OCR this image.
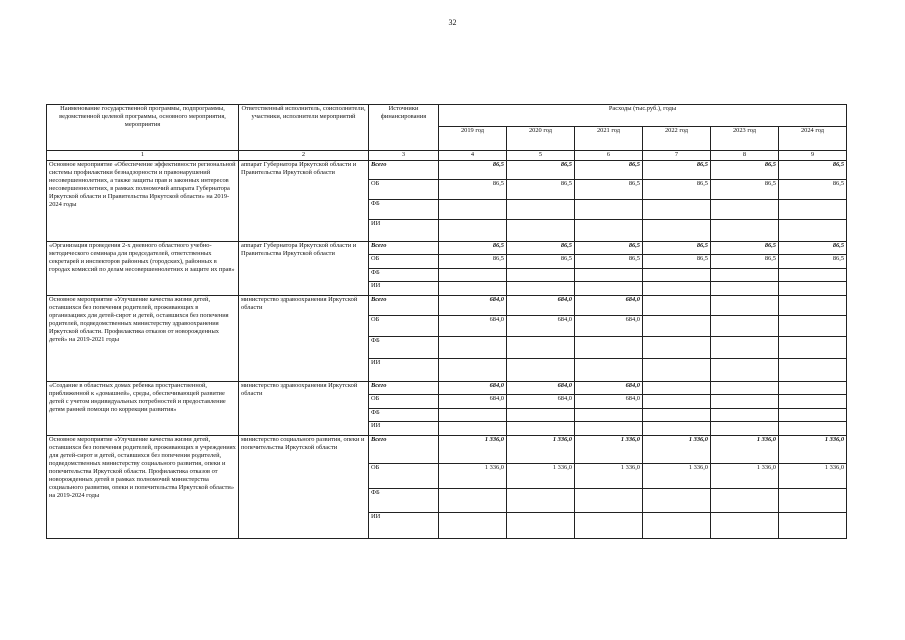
32
Наименование государственной программы, подпрограммы, ведомственной целевой программы, основного мероприятия, мероприятия	Ответственный исполнитель, соисполнители, участники, исполнители мероприятий	Источники финансирования	Расходы (тыс.руб.), годы					
			2019 год	2020 год	2021 год	2022 год	2023 год	2024 год
1	2	3	4	5	6	7	8	9
Основное мероприятие «Обеспечение эффективности региональной системы профилактики безнадзорности и правонарушений несовершеннолетних, а также защиты прав и законных интересов несовершеннолетних, в рамках полномочий аппарата Губернатора Иркутской области и Правительства Иркутской области» на 2019-2024 годы	аппарат Губернатора Иркутской области и Правительства Иркутской области	Всего	86,5	86,5	86,5	86,5	86,5	86,5
		ОБ	86,5	86,5	86,5	86,5	86,5	86,5
		ФБ						
		ИИ						
«Организация проведения 2-х дневного областного учебно-методического семинара для председателей, ответственных секретарей и инспекторов районных (городских), районных в городах комиссий по делам несовершеннолетних и защите их прав»	аппарат Губернатора Иркутской области и Правительства Иркутской области	Всего	86,5	86,5	86,5	86,5	86,5	86,5
		ОБ	86,5	86,5	86,5	86,5	86,5	86,5
		ФБ						
		ИИ						
Основное мероприятие «Улучшение качества жизни детей, оставшихся без попечения родителей, проживающих в организациях для детей-сирот и детей, оставшихся без попечения родителей, подведомственных министерству здравоохранения Иркутской области. Профилактика отказов от новорожденных детей» на 2019-2021 годы	министерство здравоохранения Иркутской области	Всего	684,0	684,0	684,0			
		ОБ	684,0	684,0	684,0			
		ФБ						
		ИИ						
«Создание в областных домах ребенка пространственной, приближенной к «домашней», среды, обеспечивающей развитие детей с учетом индивидуальных потребностей и предоставление детям ранней помощи по коррекции развития»	министерство здравоохранения Иркутской области	Всего	684,0	684,0	684,0			
		ОБ	684,0	684,0	684,0			
		ФБ						
		ИИ						
Основное мероприятие «Улучшение качества жизни детей, оставшихся без попечения родителей, проживающих в учреждениях для детей-сирот и детей, оставшихся без попечения родителей, подведомственных министерству социального развития, опеки и попечительства Иркутской области. Профилактика отказов от новорожденных детей в рамках полномочий министерства социального развития, опеки и попечительства Иркутской области» на 2019-2024 годы	министерство социального развития, опеки и попечительства Иркутской области	Всего	1 336,0	1 336,0	1 336,0	1 336,0	1 336,0	1 336,0
		ОБ	1 336,0	1 336,0	1 336,0	1 336,0	1 336,0	1 336,0
		ФБ						
		ИИ						
